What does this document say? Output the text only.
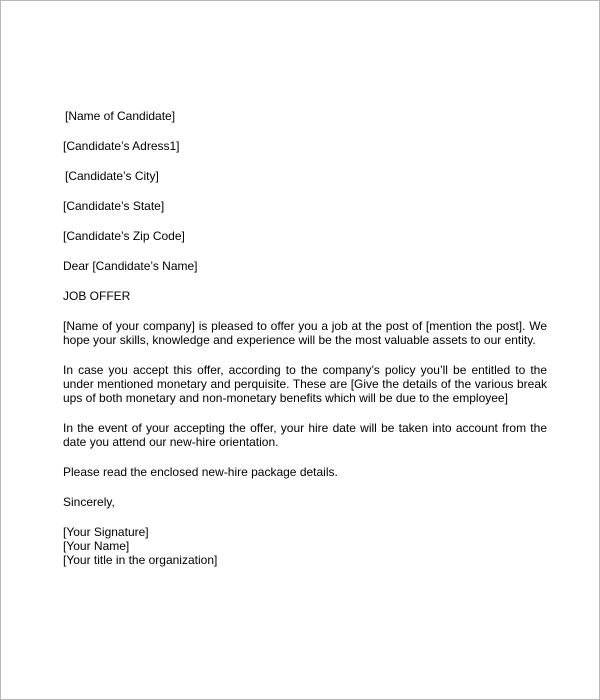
[Name of Candidate]

[Candidate’s Adress1]

[Candidate’s City]

[Candidate’s State]

[Candidate’s Zip Code]

Dear [Candidate’s Name]

JOB OFFER

[Name of your company] is pleased to offer you a job at the post of [mention the post]. We hope your skills, knowledge and experience will be the most valuable assets to our entity.

In case you accept this offer, according to the company’s policy you’ll be entitled to the under mentioned monetary and perquisite. These are [Give the details of the various break ups of both monetary and non-monetary benefits which will be due to the employee]

In the event of your accepting the offer, your hire date will be taken into account from the date you attend our new-hire orientation.

Please read the enclosed new-hire package details.

Sincerely,

[Your Signature]

[Your Name]

[Your title in the organization]
